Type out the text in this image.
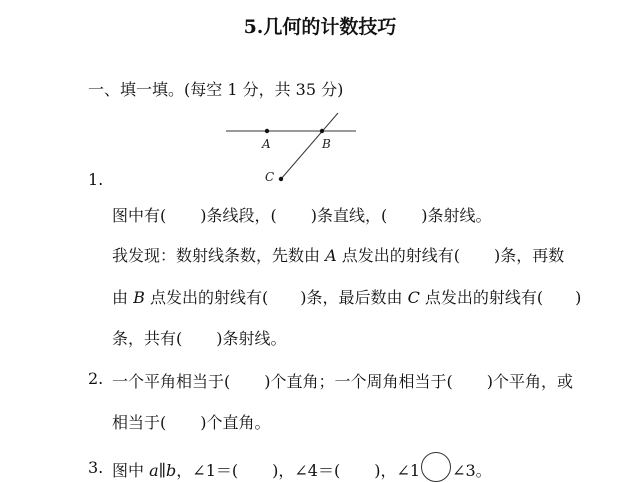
5.几何的计数技巧
一、填一填。(每空 1 分，共 35 分)
A	B
C
1.
图中有( )条线段，( )条直线，( )条射线。
我发现：数射线条数，先数由 A 点发出的射线有( )条，再数
由 B 点发出的射线有( )条，最后数由 C 点发出的射线有( )
条，共有( )条射线。
2. 一个平角相当于( )个直角；一个周角相当于( )个平角，或
相当于( )个直角。
3. 图中 a∥b，∠1＝( )，∠4＝( )，∠1 ∠3。
